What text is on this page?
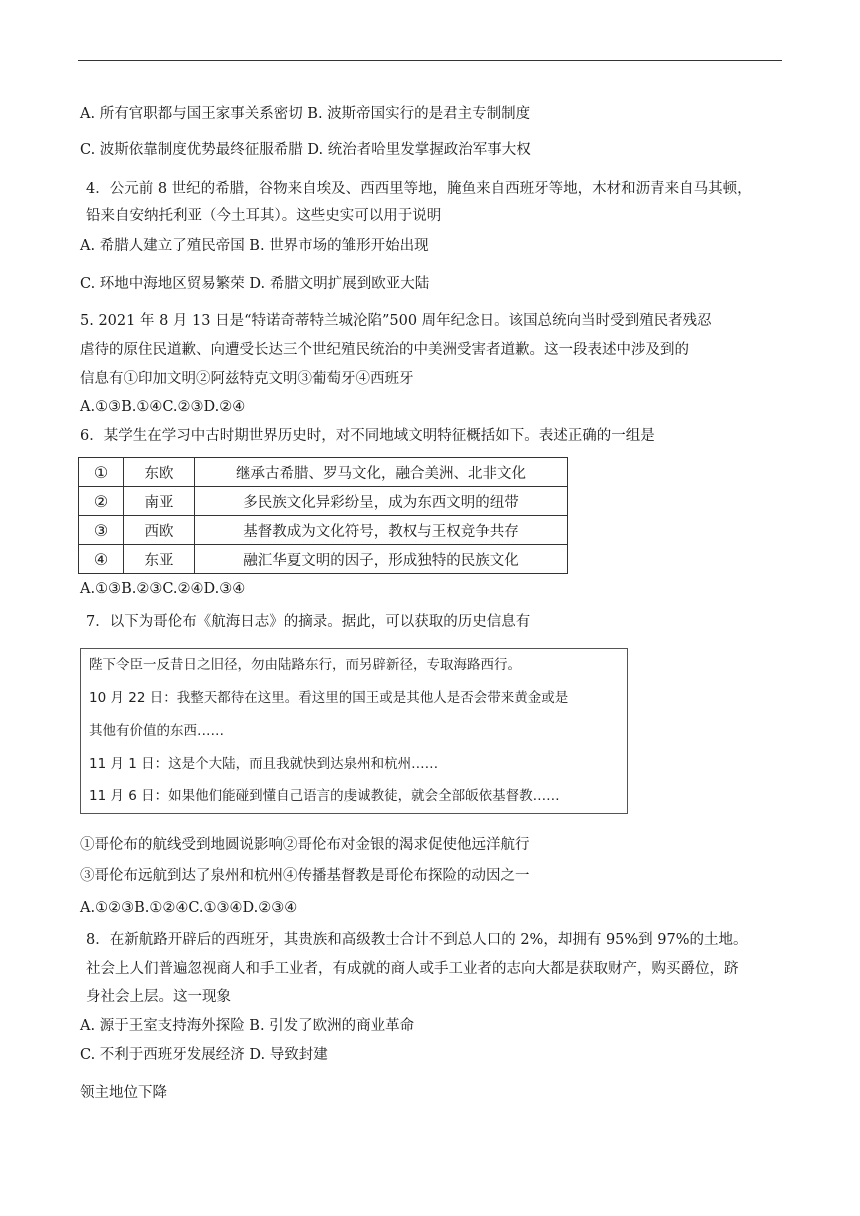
A. 所有官职都与国王家事关系密切 B. 波斯帝国实行的是君主专制制度
C. 波斯依靠制度优势最终征服希腊 D. 统治者哈里发掌握政治军事大权
4．公元前 8 世纪的希腊，谷物来自埃及、西西里等地，腌鱼来自西班牙等地，木材和沥青来自马其顿，
铅来自安纳托利亚（今土耳其）。这些史实可以用于说明
A. 希腊人建立了殖民帝国 B. 世界市场的雏形开始出现
C. 环地中海地区贸易繁荣 D. 希腊文明扩展到欧亚大陆
5. 2021 年 8 月 13 日是“特诺奇蒂特兰城沦陷”500 周年纪念日。该国总统向当时受到殖民者残忍
虐待的原住民道歉、向遭受长达三个世纪殖民统治的中美洲受害者道歉。这一段表述中涉及到的
信息有①印加文明②阿兹特克文明③葡萄牙④西班牙
A.①③B.①④C.②③D.②④
6．某学生在学习中古时期世界历史时，对不同地域文明特征概括如下。表述正确的一组是
①	东欧	继承古希腊、罗马文化，融合美洲、北非文化
②	南亚	多民族文化异彩纷呈，成为东西文明的纽带
③	西欧	基督教成为文化符号，教权与王权竞争共存
④	东亚	融汇华夏文明的因子，形成独特的民族文化
A.①③B.②③C.②④D.③④
7．以下为哥伦布《航海日志》的摘录。据此，可以获取的历史信息有
陛下令臣一反昔日之旧径，勿由陆路东行，而另辟新径，专取海路西行。
10 月 22 日：我整天都待在这里。看这里的国王或是其他人是否会带来黄金或是
其他有价值的东西……
11 月 1 日：这是个大陆，而且我就快到达泉州和杭州……
11 月 6 日：如果他们能碰到懂自己语言的虔诚教徒，就会全部皈依基督教……
①哥伦布的航线受到地圆说影响②哥伦布对金银的渴求促使他远洋航行
③哥伦布远航到达了泉州和杭州④传播基督教是哥伦布探险的动因之一
A.①②③B.①②④C.①③④D.②③④
8．在新航路开辟后的西班牙，其贵族和高级教士合计不到总人口的 2%，却拥有 95%到 97%的土地。
社会上人们普遍忽视商人和手工业者，有成就的商人或手工业者的志向大都是获取财产，购买爵位，跻
身社会上层。这一现象
A. 源于王室支持海外探险 B. 引发了欧洲的商业革命
C. 不利于西班牙发展经济 D. 导致封建
领主地位下降
